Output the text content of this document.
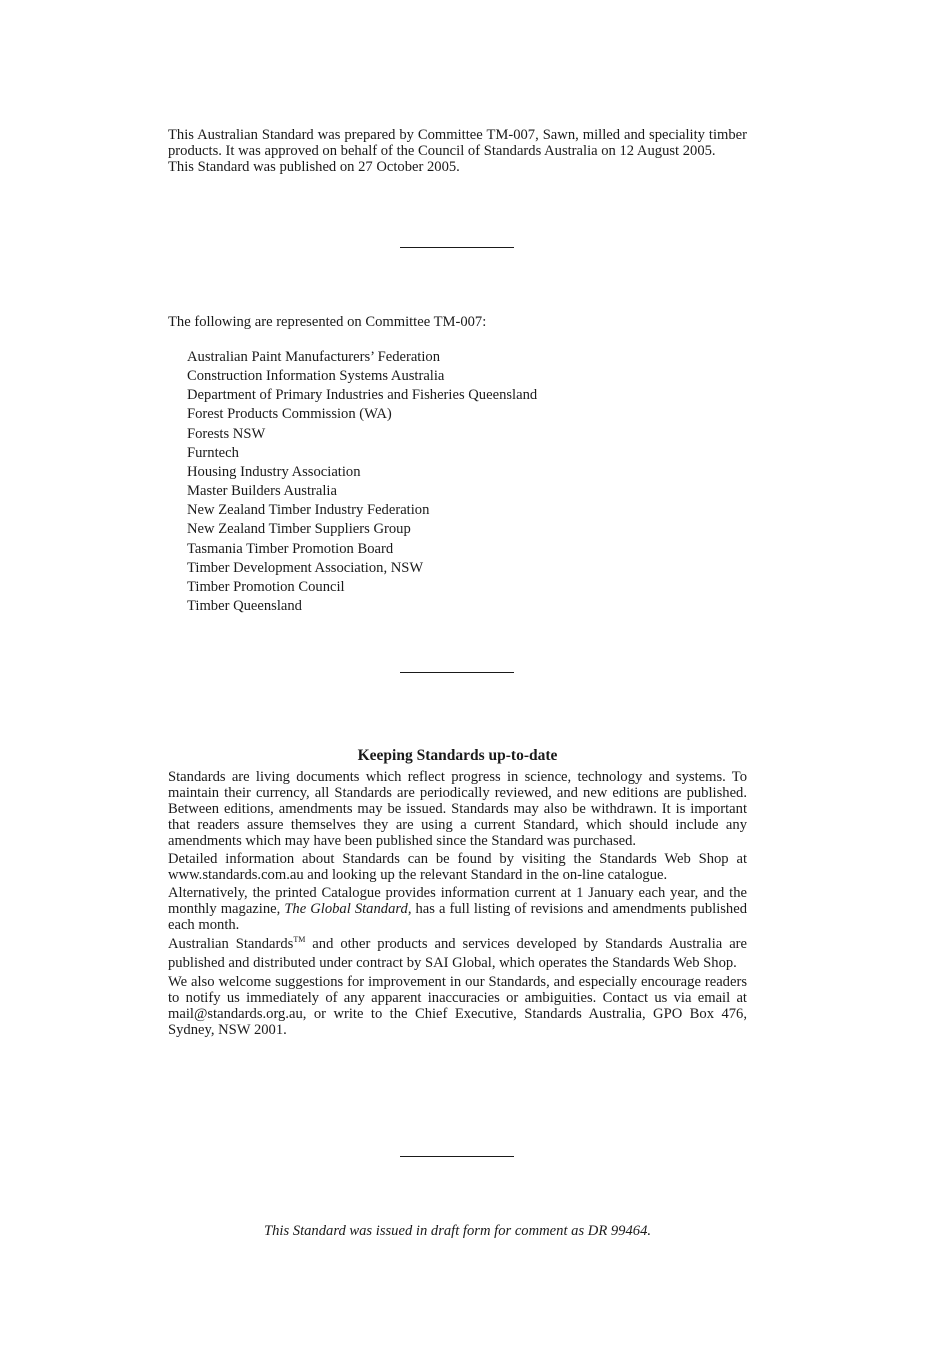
This Australian Standard was prepared by Committee TM-007, Sawn, milled and speciality timber products. It was approved on behalf of the Council of Standards Australia on 12 August 2005.

This Standard was published on 27 October 2005.

The following are represented on Committee TM-007:

Australian Paint Manufacturers’ Federation
Construction Information Systems Australia
Department of Primary Industries and Fisheries Queensland
Forest Products Commission (WA)
Forests NSW
Furntech
Housing Industry Association
Master Builders Australia
New Zealand Timber Industry Federation
New Zealand Timber Suppliers Group
Tasmania Timber Promotion Board
Timber Development Association, NSW
Timber Promotion Council
Timber Queensland
Keeping Standards up-to-date

Standards are living documents which reflect progress in science, technology and systems. To maintain their currency, all Standards are periodically reviewed, and new editions are published. Between editions, amendments may be issued. Standards may also be withdrawn. It is important that readers assure themselves they are using a current Standard, which should include any amendments which may have been published since the Standard was purchased.

Detailed information about Standards can be found by visiting the Standards Web Shop at www.standards.com.au and looking up the relevant Standard in the on-line catalogue.

Alternatively, the printed Catalogue provides information current at 1 January each year, and the monthly magazine, The Global Standard, has a full listing of revisions and amendments published each month.

Australian Standards™ and other products and services developed by Standards Australia are published and distributed under contract by SAI Global, which operates the Standards Web Shop.

We also welcome suggestions for improvement in our Standards, and especially encourage readers to notify us immediately of any apparent inaccuracies or ambiguities. Contact us via email at mail@standards.org.au, or write to the Chief Executive, Standards Australia, GPO Box 476, Sydney, NSW 2001.

This Standard was issued in draft form for comment as DR 99464.
